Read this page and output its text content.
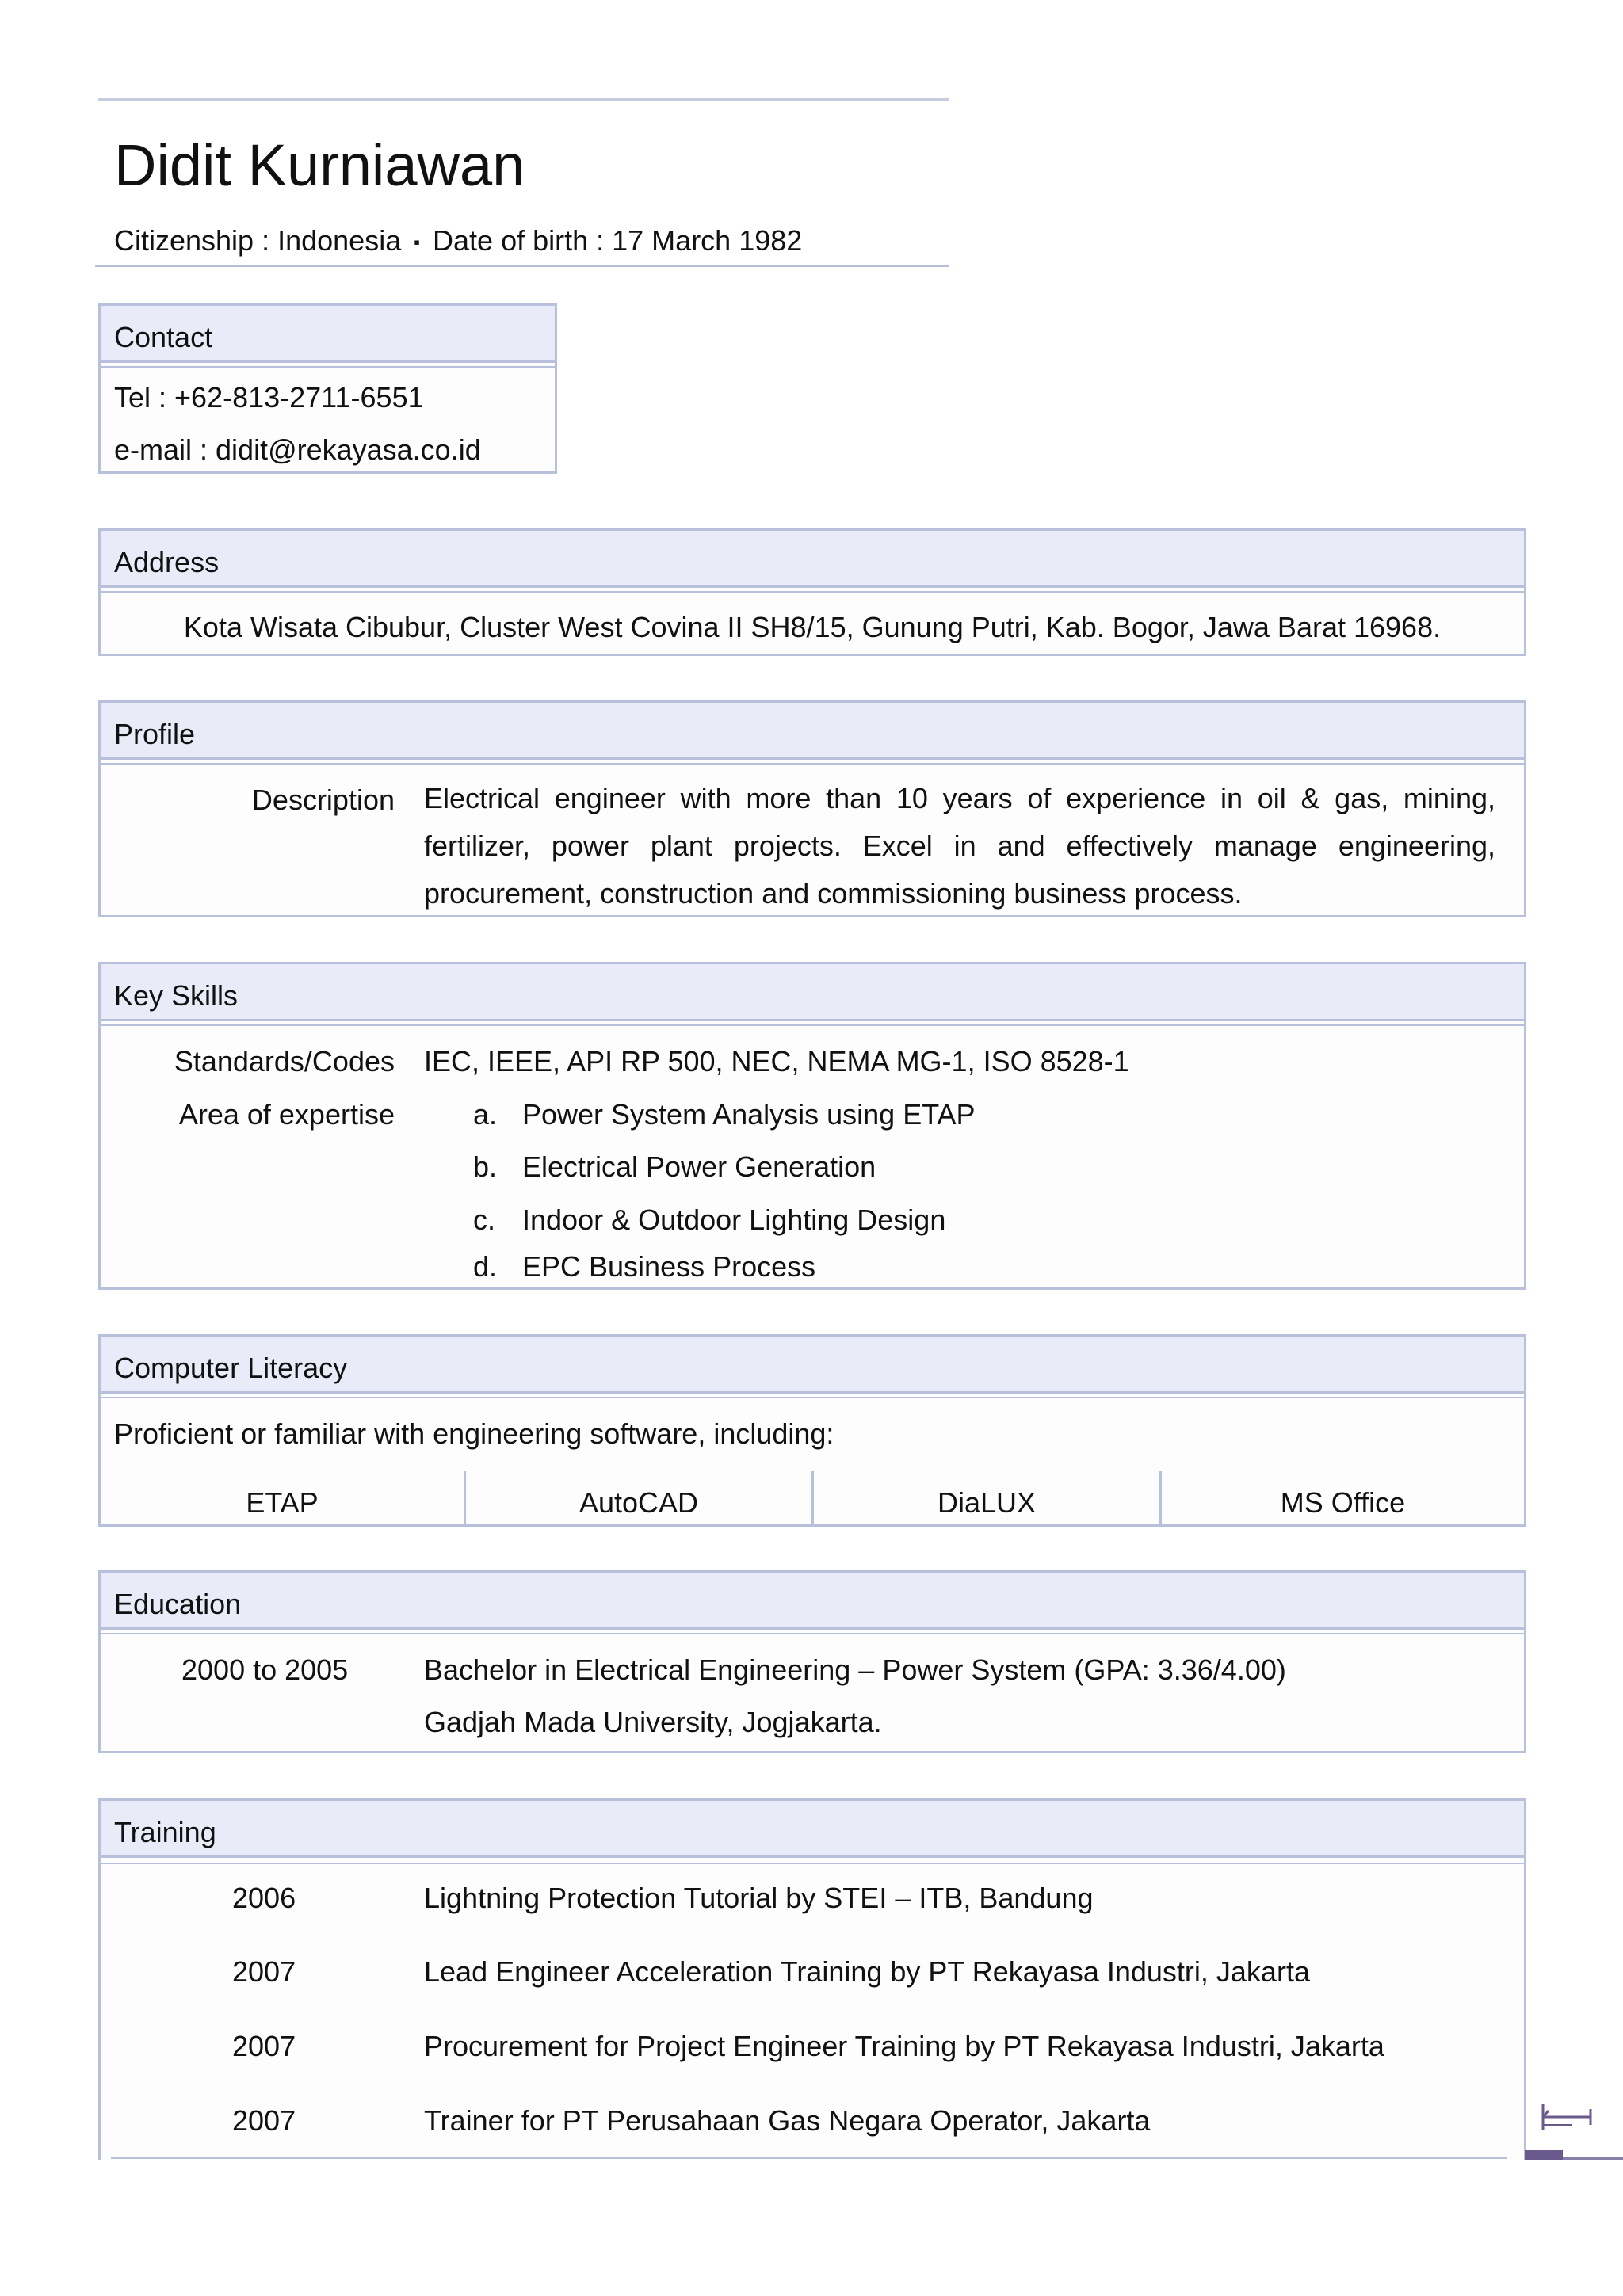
Didit Kurniawan
Citizenship : Indonesia ▪ Date of birth : 17 March 1982
Contact
Tel : +62-813-2711-6551
e-mail : didit@rekayasa.co.id
Address
Kota Wisata Cibubur, Cluster West Covina II SH8/15, Gunung Putri, Kab. Bogor, Jawa Barat 16968.
Profile
Description Electrical engineer with more than 10 years of experience in oil & gas, mining, fertilizer, power plant projects. Excel in and effectively manage engineering, procurement, construction and commissioning business process.
Key Skills
Standards/Codes IEC, IEEE, API RP 500, NEC, NEMA MG-1, ISO 8528-1
Area of expertise	a. Power System Analysis using ETAP
b. Electrical Power Generation
c. Indoor & Outdoor Lighting Design
d. EPC Business Process
Computer Literacy
Proficient or familiar with engineering software, including:
ETAP	AutoCAD	DiaLUX	MS Office
Education
2000 to 2005	Bachelor in Electrical Engineering – Power System (GPA: 3.36/4.00)
Gadjah Mada University, Jogjakarta.
Training
2006	Lightning Protection Tutorial by STEI – ITB, Bandung
2007	Lead Engineer Acceleration Training by PT Rekayasa Industri, Jakarta
2007	Procurement for Project Engineer Training by PT Rekayasa Industri, Jakarta
2007	Trainer for PT Perusahaan Gas Negara Operator, Jakarta
